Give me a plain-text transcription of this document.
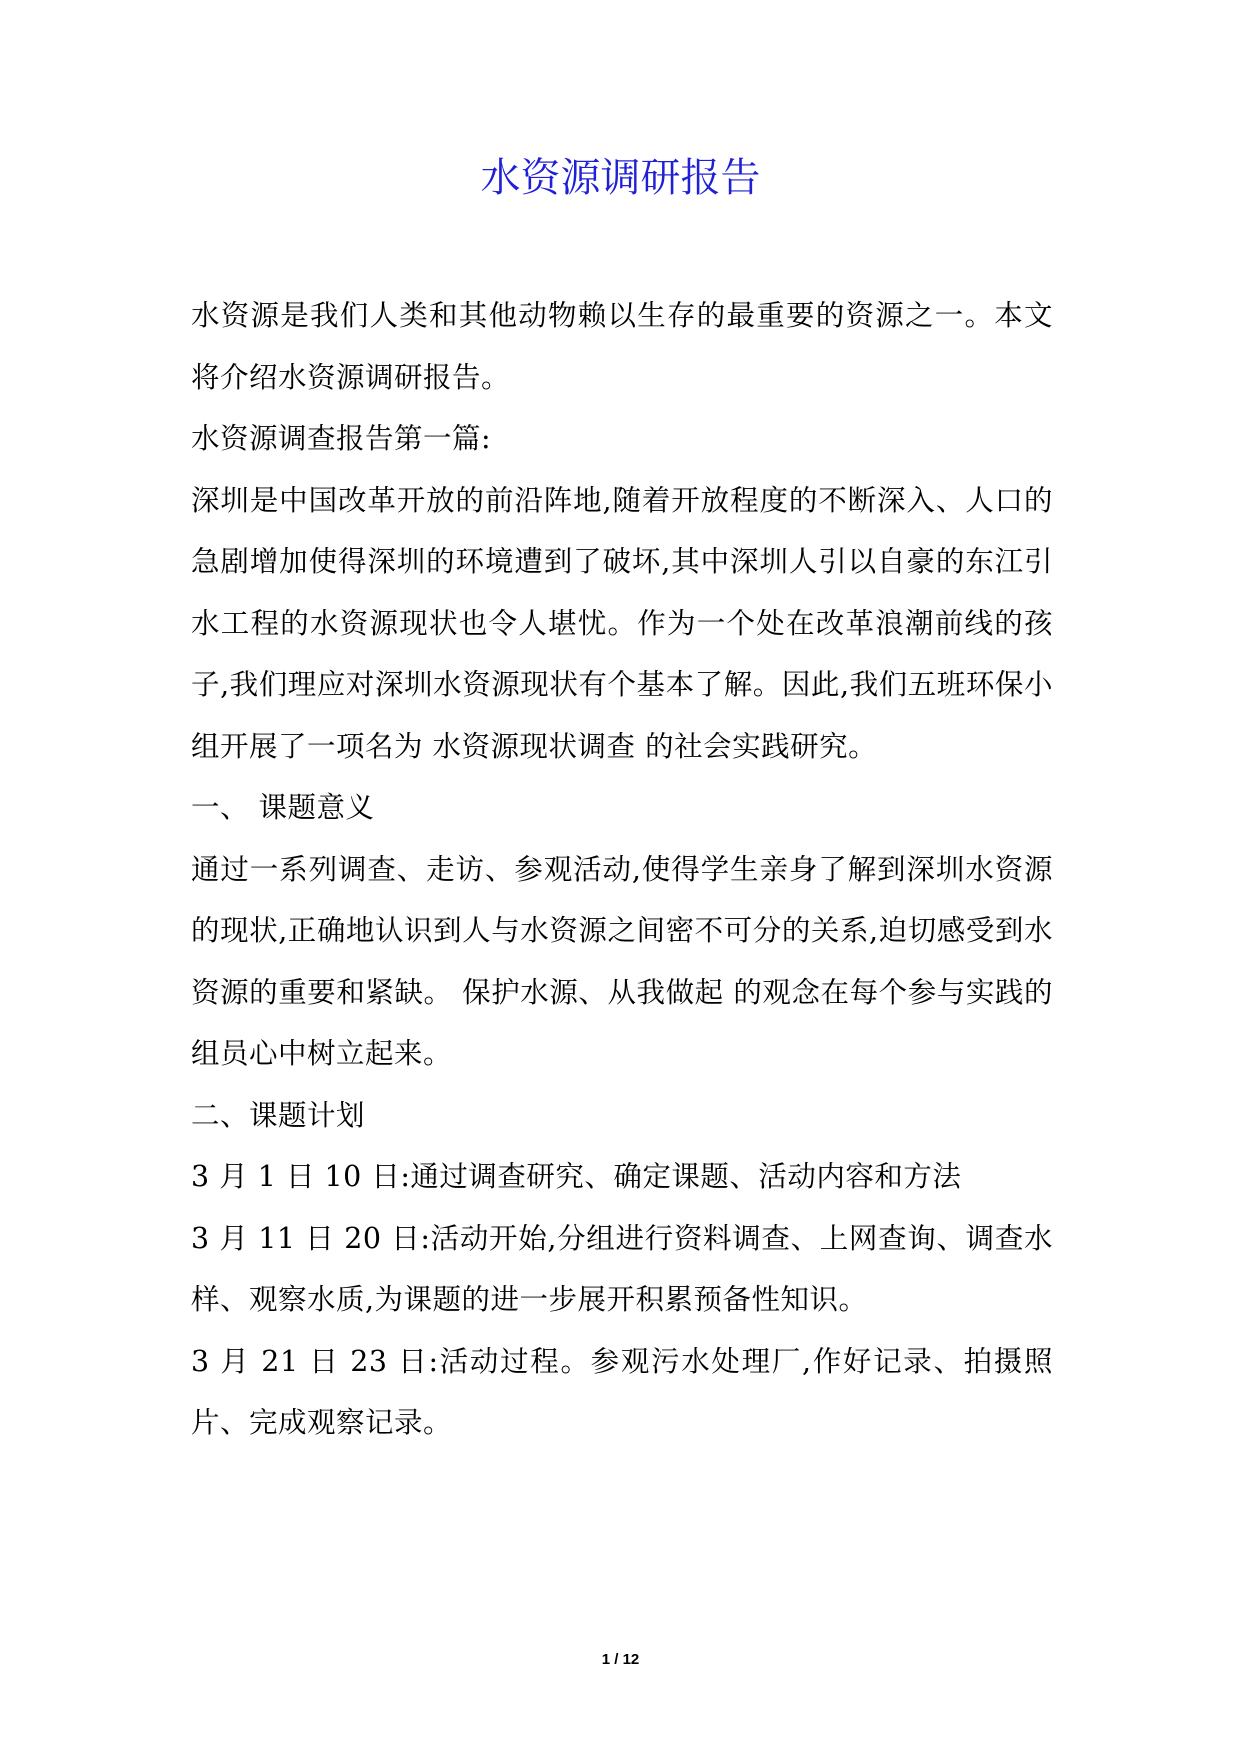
水资源调研报告

水资源是我们人类和其他动物赖以生存的最重要的资源之一。本文将介绍水资源调研报告。

水资源调查报告第一篇:

深圳是中国改革开放的前沿阵地,随着开放程度的不断深入、人口的急剧增加使得深圳的环境遭到了破坏,其中深圳人引以自豪的东江引水工程的水资源现状也令人堪忧。作为一个处在改革浪潮前线的孩子,我们理应对深圳水资源现状有个基本了解。因此,我们五班环保小组开展了一项名为 水资源现状调查 的社会实践研究。

一、 课题意义

通过一系列调查、走访、参观活动,使得学生亲身了解到深圳水资源的现状,正确地认识到人与水资源之间密不可分的关系,迫切感受到水资源的重要和紧缺。 保护水源、从我做起 的观念在每个参与实践的组员心中树立起来。

二、课题计划

3 月 1 日 10 日:通过调查研究、确定课题、活动内容和方法

3 月 11 日 20 日:活动开始,分组进行资料调查、上网查询、调查水样、观察水质,为课题的进一步展开积累预备性知识。

3 月 21 日 23 日:活动过程。参观污水处理厂,作好记录、拍摄照片、完成观察记录。

1 / 12
